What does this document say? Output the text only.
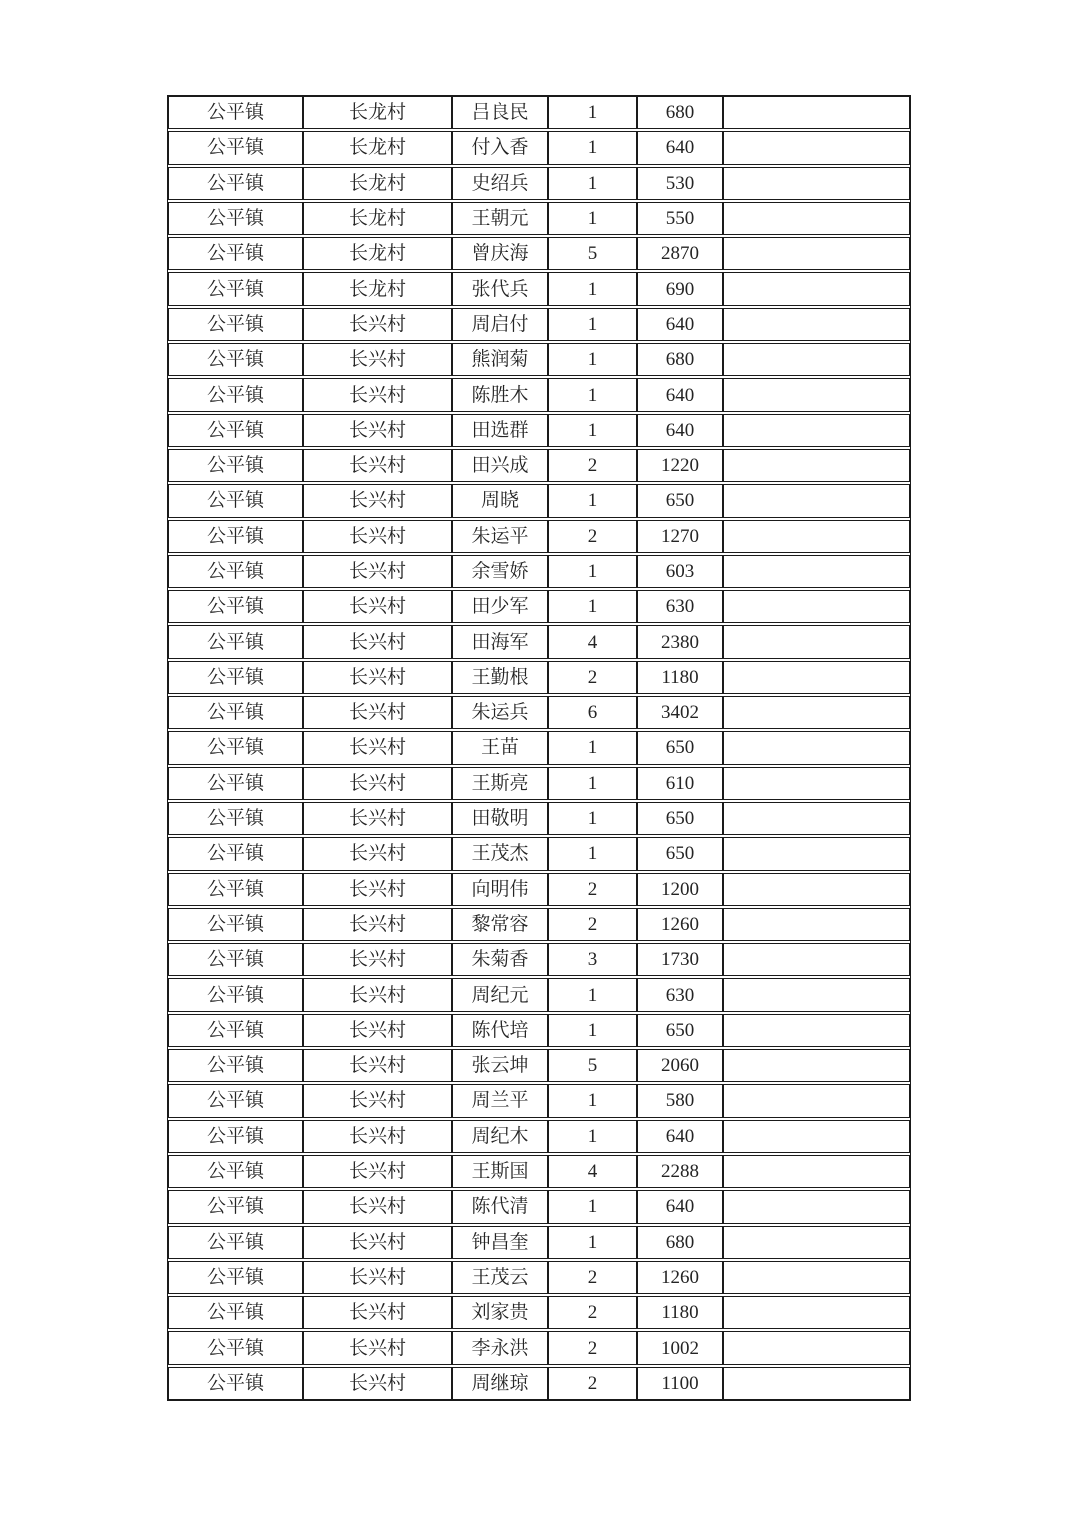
公平镇	长龙村	吕良民	1	680
公平镇	长龙村	付入香	1	640
公平镇	长龙村	史绍兵	1	530
公平镇	长龙村	王朝元	1	550
公平镇	长龙村	曾庆海	5	2870
公平镇	长龙村	张代兵	1	690
公平镇	长兴村	周启付	1	640
公平镇	长兴村	熊润菊	1	680
公平镇	长兴村	陈胜木	1	640
公平镇	长兴村	田选群	1	640
公平镇	长兴村	田兴成	2	1220
公平镇	长兴村	周晓	1	650
公平镇	长兴村	朱运平	2	1270
公平镇	长兴村	余雪娇	1	603
公平镇	长兴村	田少军	1	630
公平镇	长兴村	田海军	4	2380
公平镇	长兴村	王勤根	2	1180
公平镇	长兴村	朱运兵	6	3402
公平镇	长兴村	王苗	1	650
公平镇	长兴村	王斯亮	1	610
公平镇	长兴村	田敬明	1	650
公平镇	长兴村	王茂杰	1	650
公平镇	长兴村	向明伟	2	1200
公平镇	长兴村	黎常容	2	1260
公平镇	长兴村	朱菊香	3	1730
公平镇	长兴村	周纪元	1	630
公平镇	长兴村	陈代培	1	650
公平镇	长兴村	张云坤	5	2060
公平镇	长兴村	周兰平	1	580
公平镇	长兴村	周纪木	1	640
公平镇	长兴村	王斯国	4	2288
公平镇	长兴村	陈代清	1	640
公平镇	长兴村	钟昌奎	1	680
公平镇	长兴村	王茂云	2	1260
公平镇	长兴村	刘家贵	2	1180
公平镇	长兴村	李永洪	2	1002
公平镇	长兴村	周继琼	2	1100
